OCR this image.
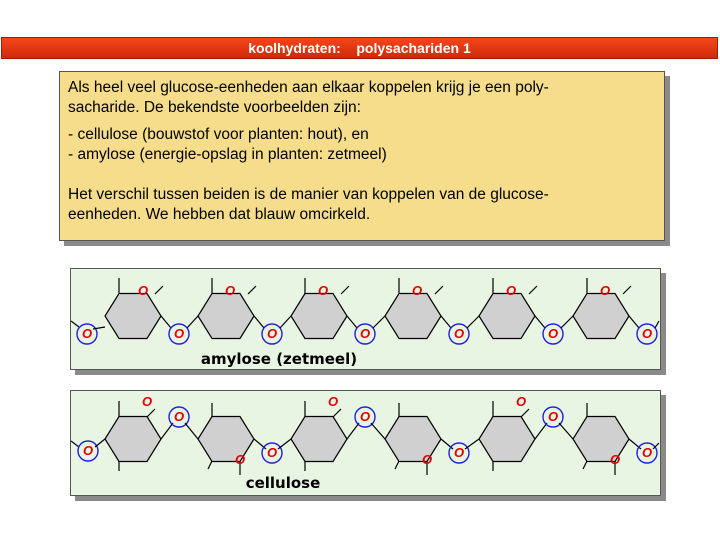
koolhydraten:    polysachariden 1

Als heel veel glucose-eenheden aan elkaar koppelen krijg je een poly-

sacharide. De bekendste voorbeelden zijn:

- cellulose (bouwstof voor planten: hout), en

- amylose (energie-opslag in planten: zetmeel)

Het verschil tussen beiden is de manier van koppelen van de glucose-

eenheden. We hebben dat blauw omcirkeld.

O
O
O
O
O
O
O
O
O
O
O
O
O
amylose (zetmeel)
O
O
O
O O
O
O
O O
O
O
O O
cellulose
